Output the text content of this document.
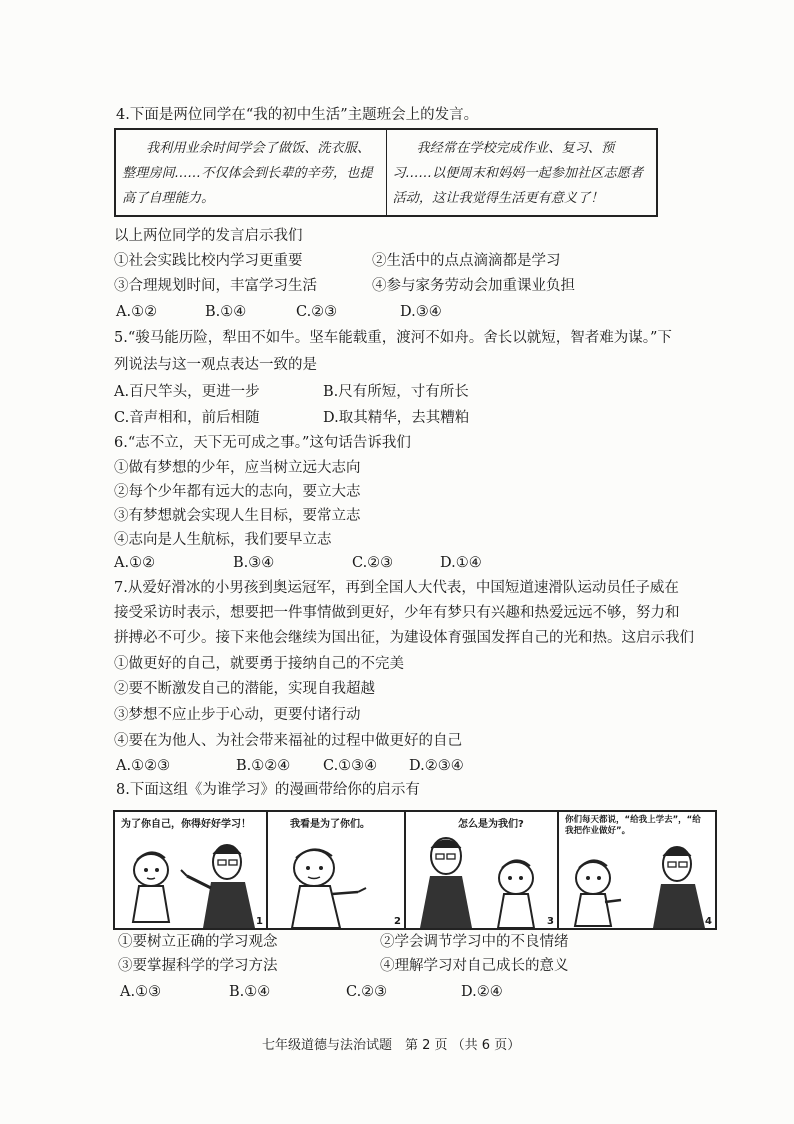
4.下面是两位同学在“我的初中生活”主题班会上的发言。
我利用业余时间学会了做饭、洗衣服、整理房间……不仅体会到长辈的辛劳，也提高了自理能力。	我经常在学校完成作业、复习、预习……以便周末和妈妈一起参加社区志愿者活动，这让我觉得生活更有意义了！
以上两位同学的发言启示我们
①社会实践比校内学习更重要	②生活中的点点滴滴都是学习
③合理规划时间，丰富学习生活	④参与家务劳动会加重课业负担
A.①②	B.①④	C.②③	D.③④
5.“骏马能历险，犁田不如牛。坚车能载重，渡河不如舟。舍长以就短，智者难为谋。”下
列说法与这一观点表达一致的是
A.百尺竿头，更进一步	B.尺有所短，寸有所长
C.音声相和，前后相随	D.取其精华，去其糟粕
6.“志不立，天下无可成之事。”这句话告诉我们
①做有梦想的少年，应当树立远大志向
②每个少年都有远大的志向，要立大志
③有梦想就会实现人生目标，要常立志
④志向是人生航标，我们要早立志
A.①②	B.③④	C.②③	D.①④
7.从爱好滑冰的小男孩到奥运冠军，再到全国人大代表，中国短道速滑队运动员任子威在
接受采访时表示，想要把一件事情做到更好，少年有梦只有兴趣和热爱远远不够，努力和
拼搏必不可少。接下来他会继续为国出征，为建设体育强国发挥自己的光和热。这启示我们
①做更好的自己，就要勇于接纳自己的不完美
②要不断激发自己的潜能，实现自我超越
③梦想不应止步于心动，更要付诸行动
④要在为他人、为社会带来福祉的过程中做更好的自己
A.①②③	B.①②④ C.①③④ D.②③④
8.下面这组《为谁学习》的漫画带给你的启示有
为了你自己，你得好好学习！
1
我看是为了你们。
2
怎么是为我们?
3
你们每天都说，“给我上学去”，“给我把作业做好”。
4
①要树立正确的学习观念	②学会调节学习中的不良情绪
③要掌握科学的学习方法	④理解学习对自己成长的意义
A.①③	B.①④	C.②③	D.②④
七年级道德与法治试题　第 2 页 （共 6 页）
